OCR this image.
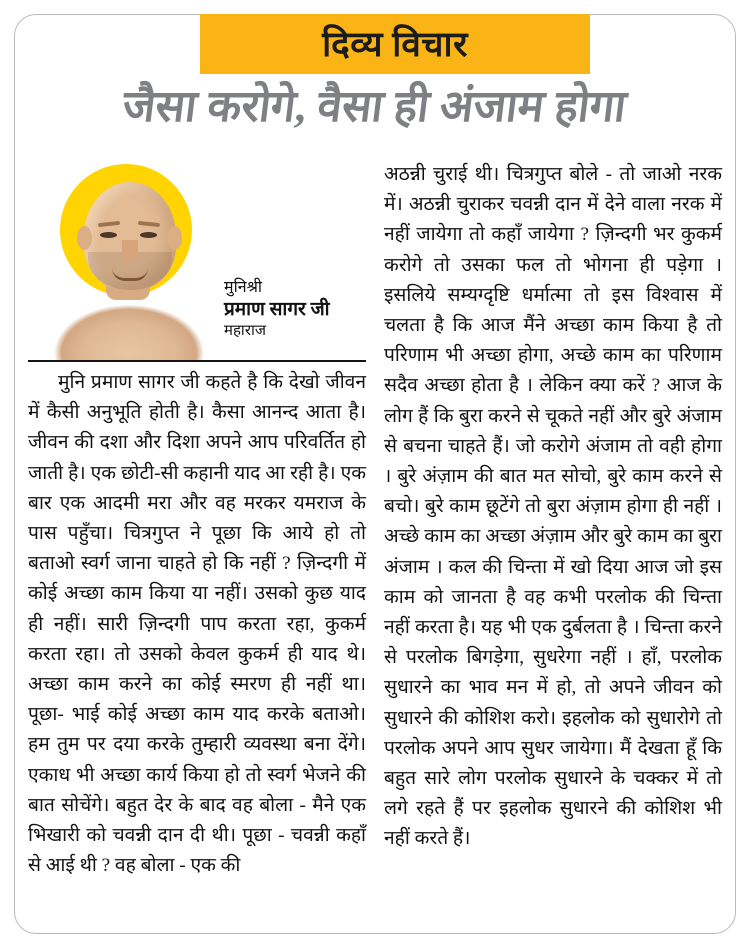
दिव्य विचार
जैसा करोगे, वैसा ही अंजाम होगा
मुनिश्री
प्रमाण सागर जी
महाराज

मुनि प्रमाण सागर जी कहते है कि देखो जीवन में कैसी अनुभूति होती है। कैसा आनन्द आता है। जीवन की दशा और दिशा अपने आप परिवर्तित हो जाती है। एक छोटी-सी कहानी याद आ रही है। एक बार एक आदमी मरा और वह मरकर यमराज के पास पहुँचा। चित्रगुप्त ने पूछा कि आये हो तो बताओ स्वर्ग जाना चाहते हो कि नहीं ? ज़िन्दगी में कोई अच्छा काम किया या नहीं। उसको कुछ याद ही नहीं। सारी ज़िन्दगी पाप करता रहा, कुकर्म करता रहा। तो उसको केवल कुकर्म ही याद थे। अच्छा काम करने का कोई स्मरण ही नहीं था। पूछा- भाई कोई अच्छा काम याद करके बताओ। हम तुम पर दया करके तुम्हारी व्यवस्था बना देंगे। एकाध भी अच्छा कार्य किया हो तो स्वर्ग भेजने की बात सोचेंगे। बहुत देर के बाद वह बोला - मैने एक भिखारी को चवन्नी दान दी थी। पूछा - चवन्नी कहाँ से आई थी ? वह बोला - एक की

अठन्नी चुराई थी। चित्रगुप्त बोले - तो जाओ नरक में। अठन्नी चुराकर चवन्नी दान में देने वाला नरक में नहीं जायेगा तो कहाँ जायेगा ? ज़िन्दगी भर कुकर्म करोगे तो उसका फल तो भोगना ही पड़ेगा । इसलिये सम्यग्दृष्टि धर्मात्मा तो इस विश्वास में चलता है कि आज मैंने अच्छा काम किया है तो परिणाम भी अच्छा होगा, अच्छे काम का परिणाम सदैव अच्छा होता है । लेकिन क्या करें ? आज के लोग हैं कि बुरा करने से चूकते नहीं और बुरे अंजाम से बचना चाहते हैं। जो करोगे अंजाम तो वही होगा । बुरे अंज़ाम की बात मत सोचो, बुरे काम करने से बचो। बुरे काम छूटेंगे तो बुरा अंज़ाम होगा ही नहीं । अच्छे काम का अच्छा अंज़ाम और बुरे काम का बुरा अंजाम । कल की चिन्ता में खो दिया आज जो इस काम को जानता है वह कभी परलोक की चिन्ता नहीं करता है। यह भी एक दुर्बलता है । चिन्ता करने से परलोक बिगड़ेगा, सुधरेगा नहीं । हाँ, परलोक सुधारने का भाव मन में हो, तो अपने जीवन को सुधारने की कोशिश करो। इहलोक को सुधारोगे तो परलोक अपने आप सुधर जायेगा। मैं देखता हूँ कि बहुत सारे लोग परलोक सुधारने के चक्कर में तो लगे रहते हैं पर इहलोक सुधारने की कोशिश भी नहीं करते हैं।
